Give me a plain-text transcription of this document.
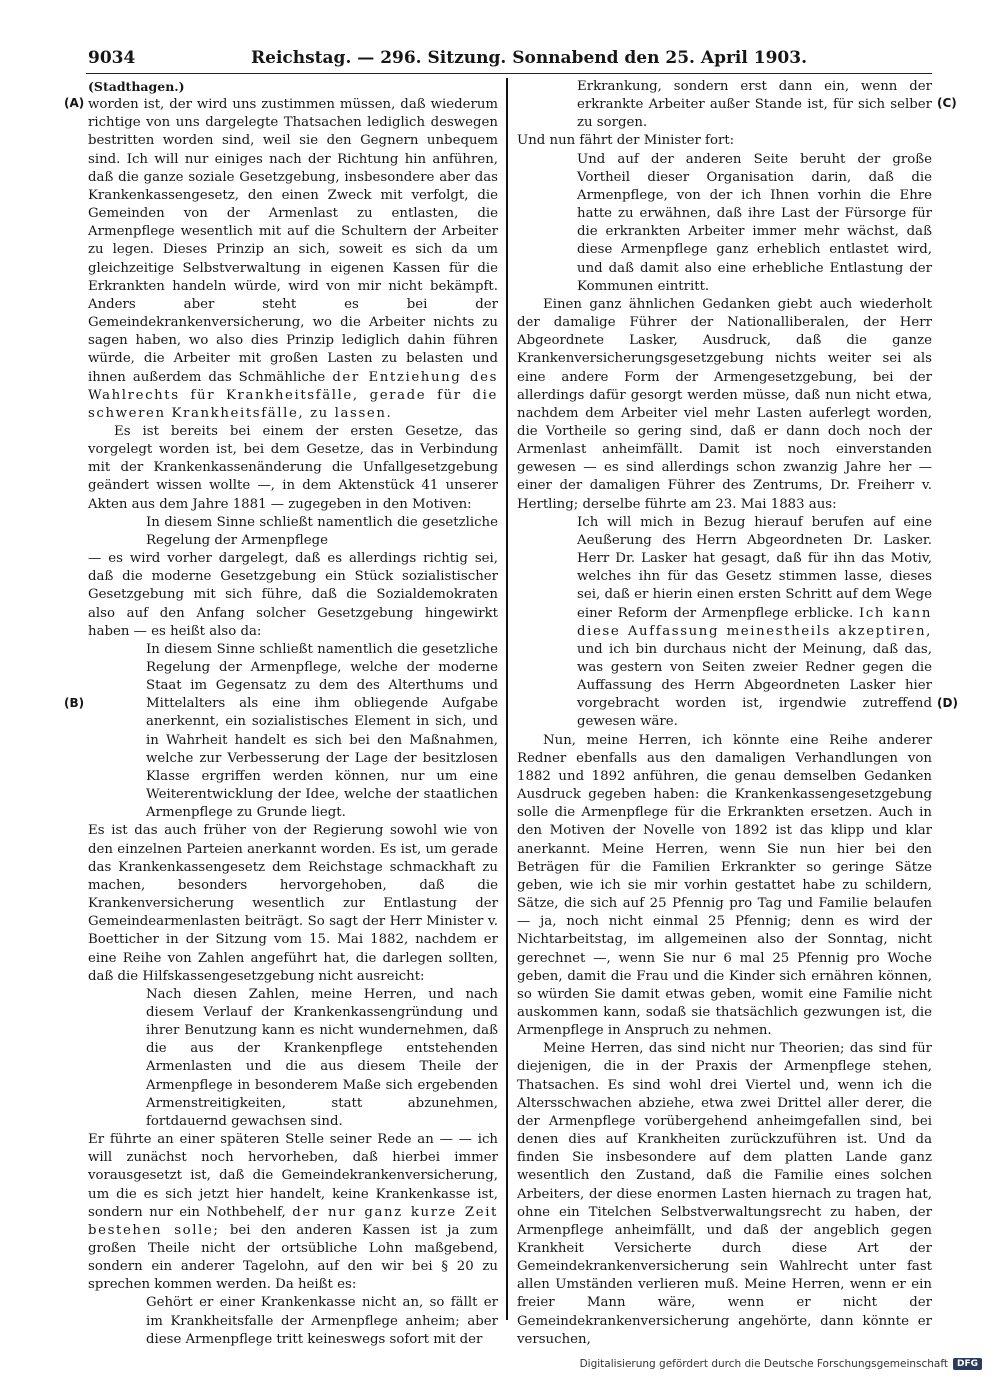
9034	Reichstag. — 296. Sitzung. Sonnabend den 25. April 1903.
(A)
(B)
(C)
(D)

(Stadthagen.)

worden ist, der wird uns zustimmen müssen, daß wiederum richtige von uns dargelegte Thatsachen lediglich deswegen bestritten worden sind, weil sie den Gegnern unbequem sind. Ich will nur einiges nach der Richtung hin anführen, daß die ganze soziale Gesetzgebung, insbesondere aber das Krankenkassengesetz, den einen Zweck mit verfolgt, die Gemeinden von der Armenlast zu entlasten, die Armenpflege wesentlich mit auf die Schultern der Arbeiter zu legen. Dieses Prinzip an sich, soweit es sich da um gleichzeitige Selbstverwaltung in eigenen Kassen für die Erkrankten handeln würde, wird von mir nicht bekämpft. Anders aber steht es bei der Gemeindekrankenversicherung, wo die Arbeiter nichts zu sagen haben, wo also dies Prinzip lediglich dahin führen würde, die Arbeiter mit großen Lasten zu belasten und ihnen außerdem das Schmähliche der Entziehung des Wahlrechts für Krankheitsfälle, gerade für die schweren Krankheitsfälle, zu lassen.

Es ist bereits bei einem der ersten Gesetze, das vorgelegt worden ist, bei dem Gesetze, das in Verbindung mit der Krankenkassenänderung die Unfallgesetzgebung geändert wissen wollte —, in dem Aktenstück 41 unserer Akten aus dem Jahre 1881 — zugegeben in den Motiven:

In diesem Sinne schließt namentlich die gesetzliche Regelung der Armenpflege

— es wird vorher dargelegt, daß es allerdings richtig sei, daß die moderne Gesetzgebung ein Stück sozialistischer Gesetzgebung mit sich führe, daß die Sozialdemokraten also auf den Anfang solcher Gesetzgebung hingewirkt haben — es heißt also da:

In diesem Sinne schließt namentlich die gesetzliche Regelung der Armenpflege, welche der moderne Staat im Gegensatz zu dem des Alterthums und Mittelalters als eine ihm obliegende Aufgabe anerkennt, ein sozialistisches Element in sich, und in Wahrheit handelt es sich bei den Maßnahmen, welche zur Verbesserung der Lage der besitzlosen Klasse ergriffen werden können, nur um eine Weiterentwicklung der Idee, welche der staatlichen Armenpflege zu Grunde liegt.

Es ist das auch früher von der Regierung sowohl wie von den einzelnen Parteien anerkannt worden. Es ist, um gerade das Krankenkassengesetz dem Reichstage schmackhaft zu machen, besonders hervorgehoben, daß die Krankenversicherung wesentlich zur Entlastung der Gemeindearmenlasten beiträgt. So sagt der Herr Minister v. Boetticher in der Sitzung vom 15. Mai 1882, nachdem er eine Reihe von Zahlen angeführt hat, die darlegen sollten, daß die Hilfskassengesetzgebung nicht ausreicht:

Nach diesen Zahlen, meine Herren, und nach diesem Verlauf der Krankenkassengründung und ihrer Benutzung kann es nicht wundernehmen, daß die aus der Krankenpflege entstehenden Armenlasten und die aus diesem Theile der Armenpflege in besonderem Maße sich ergebenden Armenstreitigkeiten, statt abzunehmen, fortdauernd gewachsen sind.

Er führte an einer späteren Stelle seiner Rede an — — ich will zunächst noch hervorheben, daß hierbei immer vorausgesetzt ist, daß die Gemeindekrankenversicherung, um die es sich jetzt hier handelt, keine Krankenkasse ist, sondern nur ein Nothbehelf, der nur ganz kurze Zeit bestehen solle; bei den anderen Kassen ist ja zum großen Theile nicht der ortsübliche Lohn maßgebend, sondern ein anderer Tagelohn, auf den wir bei § 20 zu sprechen kommen werden. Da heißt es:

Gehört er einer Krankenkasse nicht an, so fällt er im Krankheitsfalle der Armenpflege anheim; aber diese Armenpflege tritt keineswegs sofort mit der

Erkrankung, sondern erst dann ein, wenn der erkrankte Arbeiter außer Stande ist, für sich selber zu sorgen.

Und nun fährt der Minister fort:

Und auf der anderen Seite beruht der große Vortheil dieser Organisation darin, daß die Armenpflege, von der ich Ihnen vorhin die Ehre hatte zu erwähnen, daß ihre Last der Fürsorge für die erkrankten Arbeiter immer mehr wächst, daß diese Armenpflege ganz erheblich entlastet wird, und daß damit also eine erhebliche Entlastung der Kommunen eintritt.

Einen ganz ähnlichen Gedanken giebt auch wiederholt der damalige Führer der Nationalliberalen, der Herr Abgeordnete Lasker, Ausdruck, daß die ganze Krankenversicherungsgesetzgebung nichts weiter sei als eine andere Form der Armengesetzgebung, bei der allerdings dafür gesorgt werden müsse, daß nun nicht etwa, nachdem dem Arbeiter viel mehr Lasten auferlegt worden, die Vortheile so gering sind, daß er dann doch noch der Armenlast anheimfällt. Damit ist noch einverstanden gewesen — es sind allerdings schon zwanzig Jahre her — einer der damaligen Führer des Zentrums, Dr. Freiherr v. Hertling; derselbe führte am 23. Mai 1883 aus:

Ich will mich in Bezug hierauf berufen auf eine Aeußerung des Herrn Abgeordneten Dr. Lasker. Herr Dr. Lasker hat gesagt, daß für ihn das Motiv, welches ihn für das Gesetz stimmen lasse, dieses sei, daß er hierin einen ersten Schritt auf dem Wege einer Reform der Armenpflege erblicke. Ich kann diese Auffassung meinestheils akzeptiren, und ich bin durchaus nicht der Meinung, daß das, was gestern von Seiten zweier Redner gegen die Auffassung des Herrn Abgeordneten Lasker hier vorgebracht worden ist, irgendwie zutreffend gewesen wäre.

Nun, meine Herren, ich könnte eine Reihe anderer Redner ebenfalls aus den damaligen Verhandlungen von 1882 und 1892 anführen, die genau demselben Gedanken Ausdruck gegeben haben: die Krankenkassengesetzgebung solle die Armenpflege für die Erkrankten ersetzen. Auch in den Motiven der Novelle von 1892 ist das klipp und klar anerkannt. Meine Herren, wenn Sie nun hier bei den Beträgen für die Familien Erkrankter so geringe Sätze geben, wie ich sie mir vorhin gestattet habe zu schildern, Sätze, die sich auf 25 Pfennig pro Tag und Familie belaufen — ja, noch nicht einmal 25 Pfennig; denn es wird der Nichtarbeitstag, im allgemeinen also der Sonntag, nicht gerechnet —, wenn Sie nur 6 mal 25 Pfennig pro Woche geben, damit die Frau und die Kinder sich ernähren können, so würden Sie damit etwas geben, womit eine Familie nicht auskommen kann, sodaß sie thatsächlich gezwungen ist, die Armenpflege in Anspruch zu nehmen.

Meine Herren, das sind nicht nur Theorien; das sind für diejenigen, die in der Praxis der Armenpflege stehen, Thatsachen. Es sind wohl drei Viertel und, wenn ich die Altersschwachen abziehe, etwa zwei Drittel aller derer, die der Armenpflege vorübergehend anheimgefallen sind, bei denen dies auf Krankheiten zurückzuführen ist. Und da finden Sie insbesondere auf dem platten Lande ganz wesentlich den Zustand, daß die Familie eines solchen Arbeiters, der diese enormen Lasten hiernach zu tragen hat, ohne ein Titelchen Selbstverwaltungsrecht zu haben, der Armenpflege anheimfällt, und daß der angeblich gegen Krankheit Versicherte durch diese Art der Gemeindekrankenversicherung sein Wahlrecht unter fast allen Umständen verlieren muß. Meine Herren, wenn er ein freier Mann wäre, wenn er nicht der Gemeindekrankenversicherung angehörte, dann könnte er versuchen,

Digitalisierung gefördert durch die Deutsche Forschungsgemeinschaft	DFG
